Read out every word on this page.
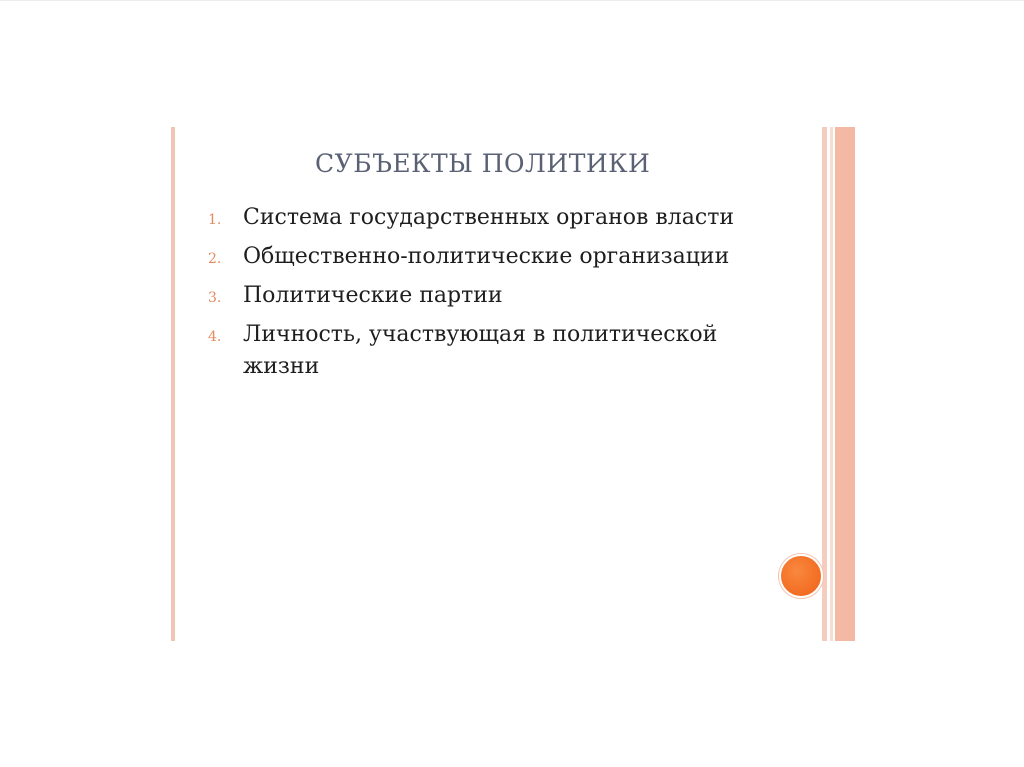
СУБЪЕКТЫ ПОЛИТИКИ
1. Система государственных органов власти
2. Общественно-политические организации
3. Политические партии
4. Личность, участвующая в политической жизни
